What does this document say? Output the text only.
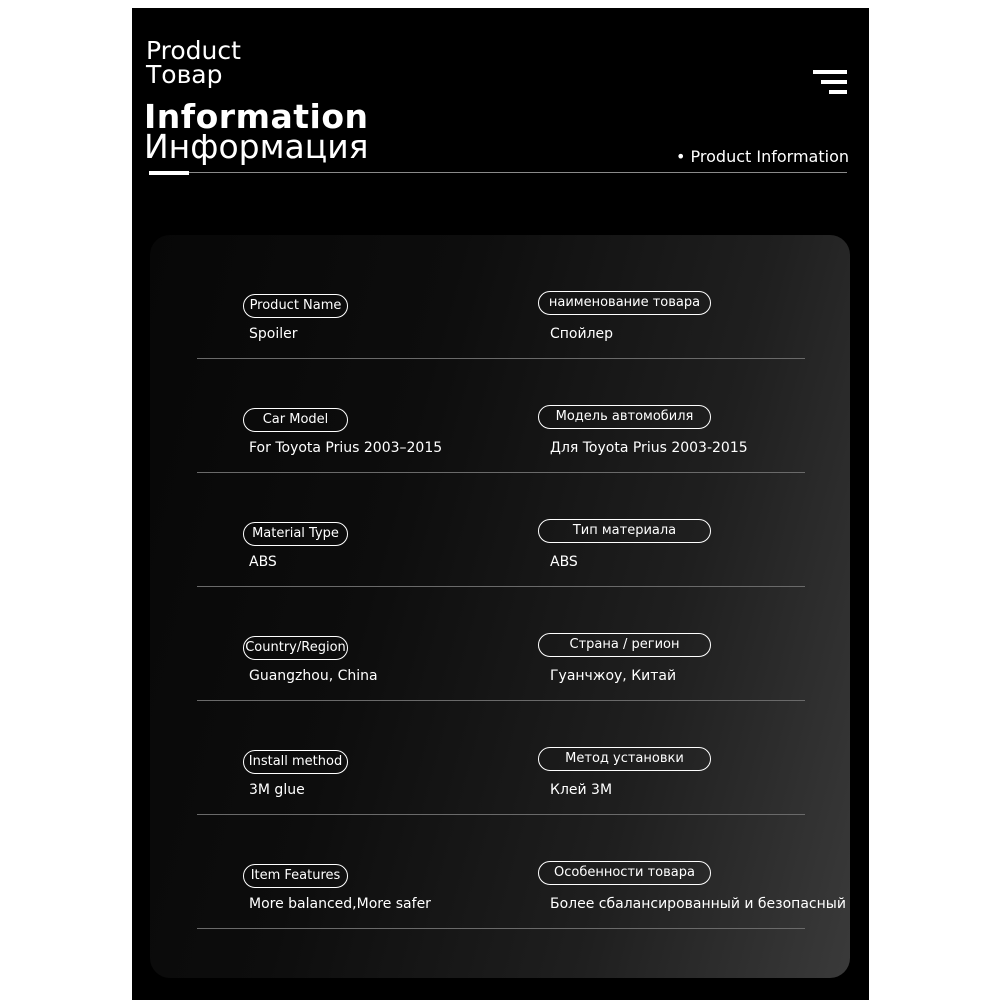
Product
Товар
Information
Информация	• Product Information
Product Name
Spoiler
наименование товара
Спойлер
Car Model
For Toyota Prius 2003–2015
Модель автомобиля
Для Toyota Prius 2003-2015
Material Type
ABS
Тип материала
ABS
Country/Region
Guangzhou, China
Страна / регион
Гуанчжоу, Китай
Install method
3M glue
Метод установки
Клей 3M
Item Features
More balanced,More safer
Особенности товара
Более сбалансированный и безопасный
